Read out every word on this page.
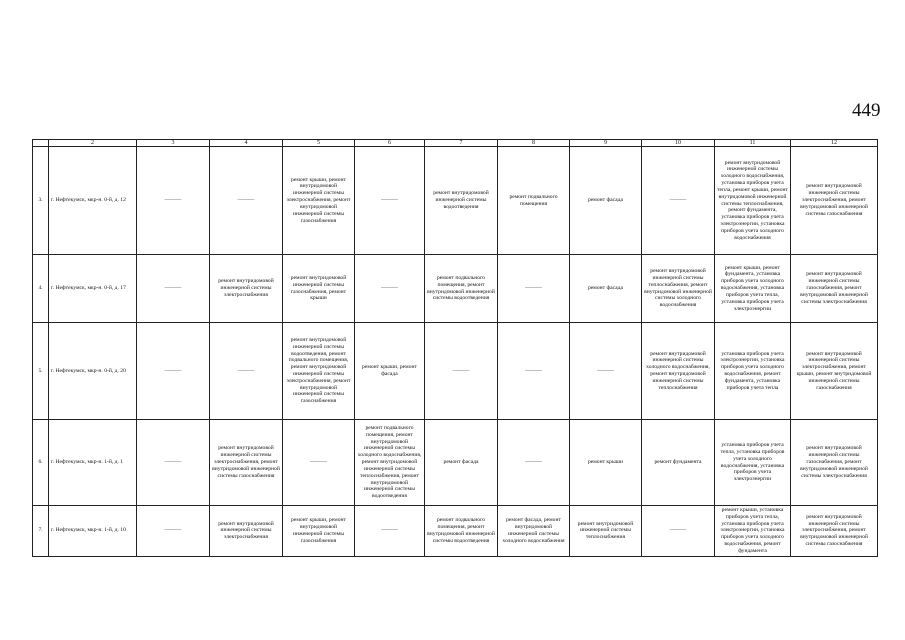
449
	2	3	4	5	6	7	8	9	10	11	12
3.	г. Нефтекумск, мкр-н. 0-й, д. 12	———	———	ремонт крыши, ремонт внутридомовой инженерной системы электроснабжения, ремонт внутридомовой инженерной системы газоснабжения	———	ремонт внутридомовой инженерной системы водоотведения	ремонт подвального помещения	ремонт фасада	———	ремонт внутридомовой инженерной системы холодного водоснабжения, установка приборов учета тепла, ремонт крыши, ремонт внутридомовой инженерной системы теплоснабжения, ремонт фундамента, установка приборов учета электроэнергии, установка приборов учета холодного водоснабжения	ремонт внутридомовой инженерной системы электроснабжения, ремонт внутридомовой инженерной системы газоснабжения
4.	г. Нефтекумск, мкр-н. 0-й, д. 17	———	ремонт внутридомовой инженерной системы электроснабжения	ремонт внутридомовой инженерной системы газоснабжения, ремонт крыши	———	ремонт подвального помещения, ремонт внутридомовой инженерной системы водоотведения	———	ремонт фасада	ремонт внутридомовой инженерной системы теплоснабжения, ремонт внутридомовой инженерной системы холодного водоснабжения	ремонт крыши, ремонт фундамента, установка приборов учета холодного водоснабжения, установка приборов учета тепла, установка приборов учета электроэнергии	ремонт внутридомовой инженерной системы газоснабжения, ремонт внутридомовой инженерной системы электроснабжения
5.	г. Нефтекумск, мкр-н. 0-й, д. 20	———	———	ремонт внутридомовой инженерной системы водоотведения, ремонт подвального помещения, ремонт внутридомовой инженерной системы электроснабжения, ремонт внутридомовой инженерной системы газоснабжения	ремонт крыши, ремонт фасада	———	———	———	ремонт внутридомовой инженерной системы холодного водоснабжения, ремонт внутридомовой инженерной системы теплоснабжения	установка приборов учета электроэнергии, установка приборов учета холодного водоснабжения, ремонт фундамента, установка приборов учета тепла	ремонт внутридомовой инженерной системы электроснабжения, ремонт крыши, ремонт внутридомовой инженерной системы газоснабжения
6.	г. Нефтекумск, мкр-н. 1-й, д. 1	———	ремонт внутридомовой инженерной системы электроснабжения, ремонт внутридомовой инженерной системы газоснабжения	———	ремонт подвального помещения, ремонт внутридомовой инженерной системы холодного водоснабжения, ремонт внутридомовой инженерной системы теплоснабжения, ремонт внутридомовой инженерной системы водоотведения	ремонт фасада	———	ремонт крыши	ремонт фундамента	установка приборов учета тепла, установка приборов учета холодного водоснабжения, установка приборов учета электроэнергии	ремонт внутридомовой инженерной системы газоснабжения, ремонт внутридомовой инженерной системы электроснабжения
7.	г. Нефтекумск, мкр-н. 1-й, д. 10	———	ремонт внутридомовой инженерной системы электроснабжения	ремонт крыши, ремонт внутридомовой инженерной системы газоснабжения	———	ремонт подвального помещения, ремонт внутридомовой инженерной системы водоотведения	ремонт фасада, ремонт внутридомовой инженерной системы холодного водоснабжения	ремонт внутридомовой инженерной системы теплоснабжения	———	ремонт крыши, установка приборов учета тепла, установка приборов учета электроэнергии, установка приборов учета холодного водоснабжения, ремонт фундамента	ремонт внутридомовой инженерной системы электроснабжения, ремонт внутридомовой инженерной системы газоснабжения
